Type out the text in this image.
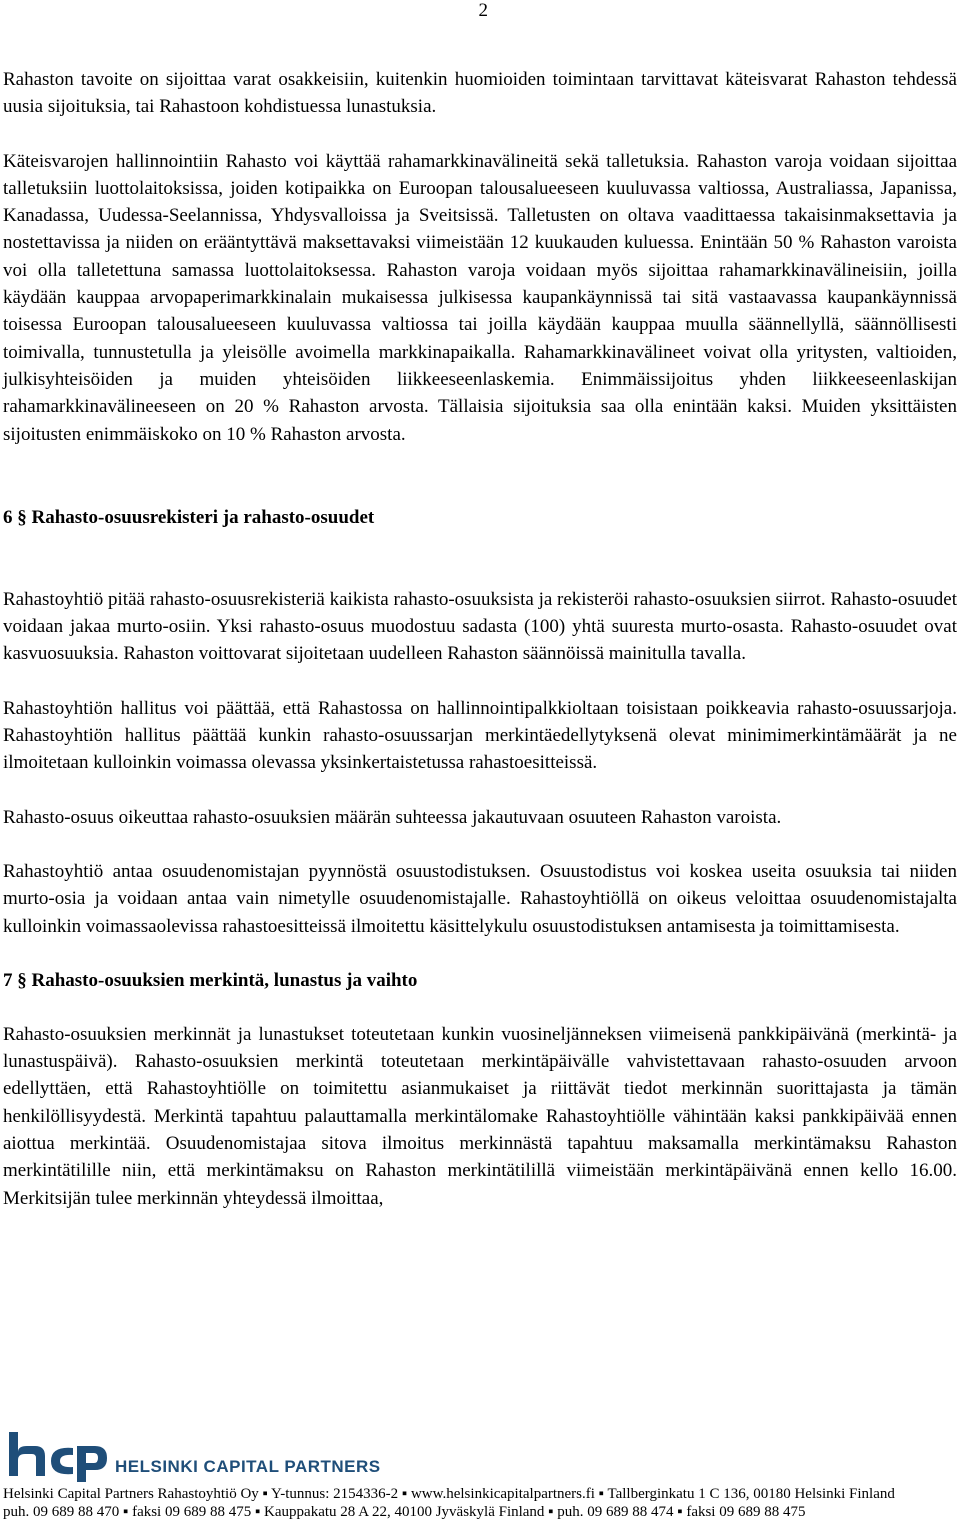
2

Rahaston tavoite on sijoittaa varat osakkeisiin, kuitenkin huomioiden toimintaan tarvittavat käteisvarat Rahaston tehdessä uusia sijoituksia, tai Rahastoon kohdistuessa lunastuksia.

Käteisvarojen hallinnointiin Rahasto voi käyttää rahamarkkinavälineitä sekä talletuksia. Rahaston varoja voidaan sijoittaa talletuksiin luottolaitoksissa, joiden kotipaikka on Euroopan talousalueeseen kuuluvassa valtiossa, Australiassa, Japanissa, Kanadassa, Uudessa-Seelannissa, Yhdysvalloissa ja Sveitsissä. Talletusten on oltava vaadittaessa takaisinmaksettavia ja nostettavissa ja niiden on erääntyttävä maksettavaksi viimeistään 12 kuukauden kuluessa. Enintään 50 % Rahaston varoista voi olla talletettuna samassa luottolaitoksessa. Rahaston varoja voidaan myös sijoittaa rahamarkkinavälineisiin, joilla käydään kauppaa arvopaperimarkkinalain mukaisessa julkisessa kaupankäynnissä tai sitä vastaavassa kaupankäynnissä toisessa Euroopan talousalueeseen kuuluvassa valtiossa tai joilla käydään kauppaa muulla säännellyllä, säännöllisesti toimivalla, tunnustetulla ja yleisölle avoimella markkinapaikalla. Rahamarkkinavälineet voivat olla yritysten, valtioiden, julkisyhteisöiden ja muiden yhteisöiden liikkeeseenlaskemia. Enimmäissijoitus yhden liikkeeseenlaskijan rahamarkkinavälineeseen on 20 % Rahaston arvosta. Tällaisia sijoituksia saa olla enintään kaksi. Muiden yksittäisten sijoitusten enimmäiskoko on 10 % Rahaston arvosta.

6 § Rahasto-osuusrekisteri ja rahasto-osuudet

Rahastoyhtiö pitää rahasto-osuusrekisteriä kaikista rahasto-osuuksista ja rekisteröi rahasto-osuuksien siirrot. Rahasto-osuudet voidaan jakaa murto-osiin. Yksi rahasto-osuus muodostuu sadasta (100) yhtä suuresta murto-osasta. Rahasto-osuudet ovat kasvuosuuksia. Rahaston voittovarat sijoitetaan uudelleen Rahaston säännöissä mainitulla tavalla.

Rahastoyhtiön hallitus voi päättää, että Rahastossa on hallinnointipalkkioltaan toisistaan poikkeavia rahasto-osuussarjoja. Rahastoyhtiön hallitus päättää kunkin rahasto-osuussarjan merkintäedellytyksenä olevat minimimerkintämäärät ja ne ilmoitetaan kulloinkin voimassa olevassa yksinkertaistetussa rahastoesitteissä.

Rahasto-osuus oikeuttaa rahasto-osuuksien määrän suhteessa jakautuvaan osuuteen Rahaston varoista.

Rahastoyhtiö antaa osuudenomistajan pyynnöstä osuustodistuksen. Osuustodistus voi koskea useita osuuksia tai niiden murto-osia ja voidaan antaa vain nimetylle osuudenomistajalle. Rahastoyhtiöllä on oikeus veloittaa osuudenomistajalta kulloinkin voimassaolevissa rahastoesitteissä ilmoitettu käsittelykulu osuustodistuksen antamisesta ja toimittamisesta.

7 § Rahasto-osuuksien merkintä, lunastus ja vaihto

Rahasto-osuuksien merkinnät ja lunastukset toteutetaan kunkin vuosineljänneksen viimeisenä pankkipäivänä (merkintä- ja lunastuspäivä). Rahasto-osuuksien merkintä toteutetaan merkintäpäivälle vahvistettavaan rahasto-osuuden arvoon edellyttäen, että Rahastoyhtiölle on toimitettu asianmukaiset ja riittävät tiedot merkinnän suorittajasta ja tämän henkilöllisyydestä. Merkintä tapahtuu palauttamalla merkintälomake Rahastoyhtiölle vähintään kaksi pankkipäivää ennen aiottua merkintää. Osuudenomistajaa sitova ilmoitus merkinnästä tapahtuu maksamalla merkintämaksu Rahaston merkintätilille niin, että merkintämaksu on Rahaston merkintätilillä viimeistään merkintäpäivänä ennen kello 16.00. Merkitsijän tulee merkinnän yhteydessä ilmoittaa,

HELSINKI CAPITAL PARTNERS
Helsinki Capital Partners Rahastoyhtiö Oy ▪ Y-tunnus: 2154336-2 ▪ www.helsinkicapitalpartners.fi ▪ Tallberginkatu 1 C 136, 00180 Helsinki Finland
puh. 09 689 88 470 ▪ faksi 09 689 88 475 ▪ Kauppakatu 28 A 22, 40100 Jyväskylä Finland ▪ puh. 09 689 88 474 ▪ faksi 09 689 88 475
